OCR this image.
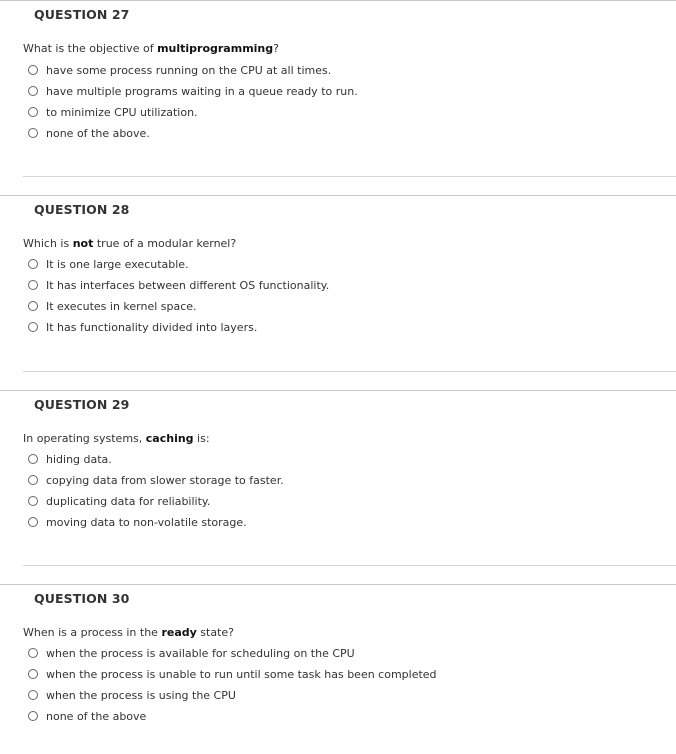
QUESTION 27
What is the objective of multiprogramming?
have some process running on the CPU at all times.
have multiple programs waiting in a queue ready to run.
to minimize CPU utilization.
none of the above.
QUESTION 28
Which is not true of a modular kernel?
It is one large executable.
It has interfaces between different OS functionality.
It executes in kernel space.
It has functionality divided into layers.
QUESTION 29
In operating systems, caching is:
hiding data.
copying data from slower storage to faster.
duplicating data for reliability.
moving data to non-volatile storage.
QUESTION 30
When is a process in the ready state?
when the process is available for scheduling on the CPU
when the process is unable to run until some task has been completed
when the process is using the CPU
none of the above
